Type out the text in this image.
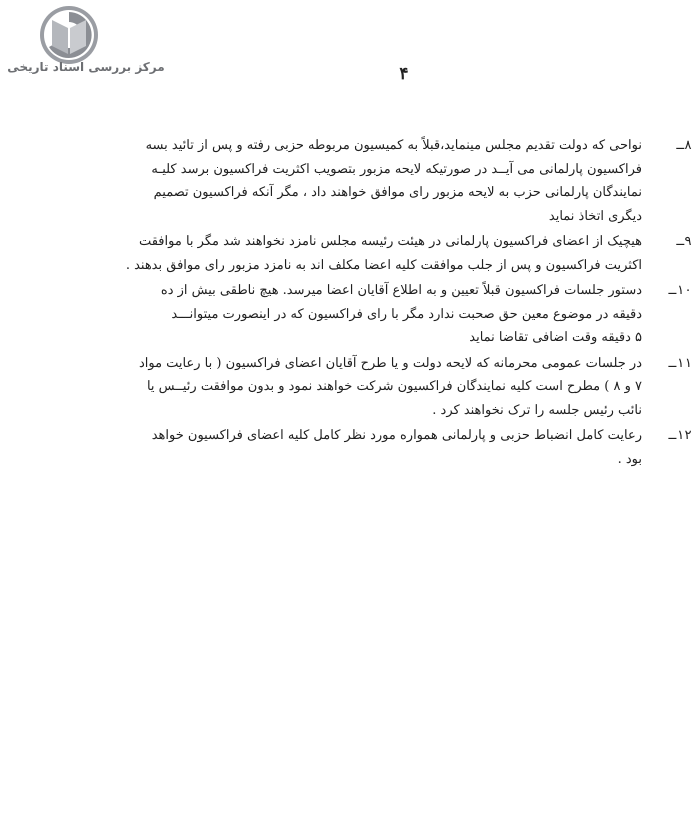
مرکز بررسی اسناد تاریخی	۴
۸ـ
نواحی که دولت تقدیم مجلس مینماید،قبلاً به کمیسیون مربوطه حزبی رفته و پس از تائید بسه
فراکسیون پارلمانی می آیــد در صورتیکه لایحه مزبور بتصویب اکثریت فراکسیون برسد کلیـه
نمایندگان پارلمانی حزب به لایحه مزبور رای موافق خواهند داد ، مگر آنکه فراکسیون تصمیم
دیگری اتخاذ نماید
۹ـ
هیچیک از اعضای فراکسیون پارلمانی در هیئت رئیسه مجلس نامزد نخواهند شد مگر با موافقت
اکثریت فراکسیون و پس از جلب موافقت کلیه اعضا مکلف اند به نامزد مزبور رای موافق بدهند .
۱۰ـ
دستور جلسات فراکسیون قبلاً تعیین و به اطلاع آقایان اعضا میرسد. هیچ ناطقی بیش از ده
دقیقه در موضوع معین حق صحبت ندارد مگر با رای فراکسیون که در اینصورت میتوانـــد
۵ دقیقه وقت اضافی تقاضا نماید
۱۱ـ
در جلسات عمومی محرمانه که لایحه دولت و یا طرح آقایان اعضای فراکسیون ( با رعایت مواد
۷ و ۸ ) مطرح است کلیه نمایندگان فراکسیون شرکت خواهند نمود و بدون موافقت رئیــس یا
نائب رئیس جلسه را ترک نخواهند کرد .
۱۲ـ
رعایت کامل انضباط حزبی و پارلمانی همواره مورد نظر کامل کلیه اعضای فراکسیون خواهد
بود .
